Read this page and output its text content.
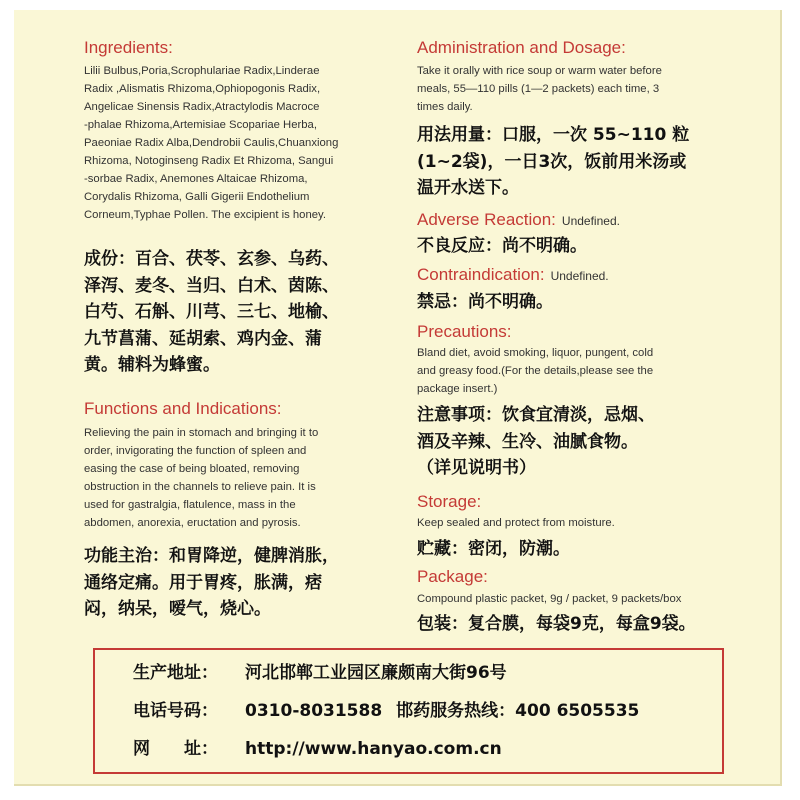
Ingredients:
Lilii Bulbus,Poria,Scrophulariae Radix,Linderae
Radix ,Alismatis Rhizoma,Ophiopogonis Radix,
Angelicae Sinensis Radix,Atractylodis Macroce
-phalae Rhizoma,Artemisiae Scopariae Herba,
Paeoniae Radix Alba,Dendrobii Caulis,Chuanxiong
Rhizoma, Notoginseng Radix Et Rhizoma, Sangui
-sorbae Radix, Anemones Altaicae Rhizoma,
Corydalis Rhizoma, Galli Gigerii Endothelium
Corneum,Typhae Pollen. The excipient is honey.
成份：百合、茯苓、玄参、乌药、
泽泻、麦冬、当归、白术、茵陈、
白芍、石斛、川芎、三七、地榆、
九节菖蒲、延胡索、鸡内金、蒲
黄。辅料为蜂蜜。
Functions and Indications:
Relieving the pain in stomach and bringing it to
order, invigorating the function of spleen and
easing the case of being bloated, removing
obstruction in the channels to relieve pain. It is
used for gastralgia, flatulence, mass in the
abdomen, anorexia, eructation and pyrosis.
功能主治：和胃降逆，健脾消胀，
通络定痛。用于胃疼，胀满，痞
闷，纳呆，嗳气，烧心。
Administration and Dosage:
Take it orally with rice soup or warm water before
meals, 55—110 pills (1—2 packets) each time, 3
times daily.
用法用量：口服，一次 55~110 粒
(1~2袋)，一日3次，饭前用米汤或
温开水送下。
Adverse Reaction: Undefined.
不良反应：尚不明确。
Contraindication: Undefined.
禁忌：尚不明确。
Precautions:
Bland diet, avoid smoking, liquor, pungent, cold
and greasy food.(For the details,please see the
package insert.)
注意事项：饮食宜清淡，忌烟、
酒及辛辣、生冷、油腻食物。
（详见说明书）
Storage:
Keep sealed and protect from moisture.
贮藏：密闭，防潮。
Package:
Compound plastic packet, 9g / packet, 9 packets/box
包装：复合膜，每袋9克，每盒9袋。
生产地址： 河北邯郸工业园区廉颇南大街96号
电话号码： 0310-8031588 邯药服务热线：400 6505535
网　　址： http://www.hanyao.com.cn
